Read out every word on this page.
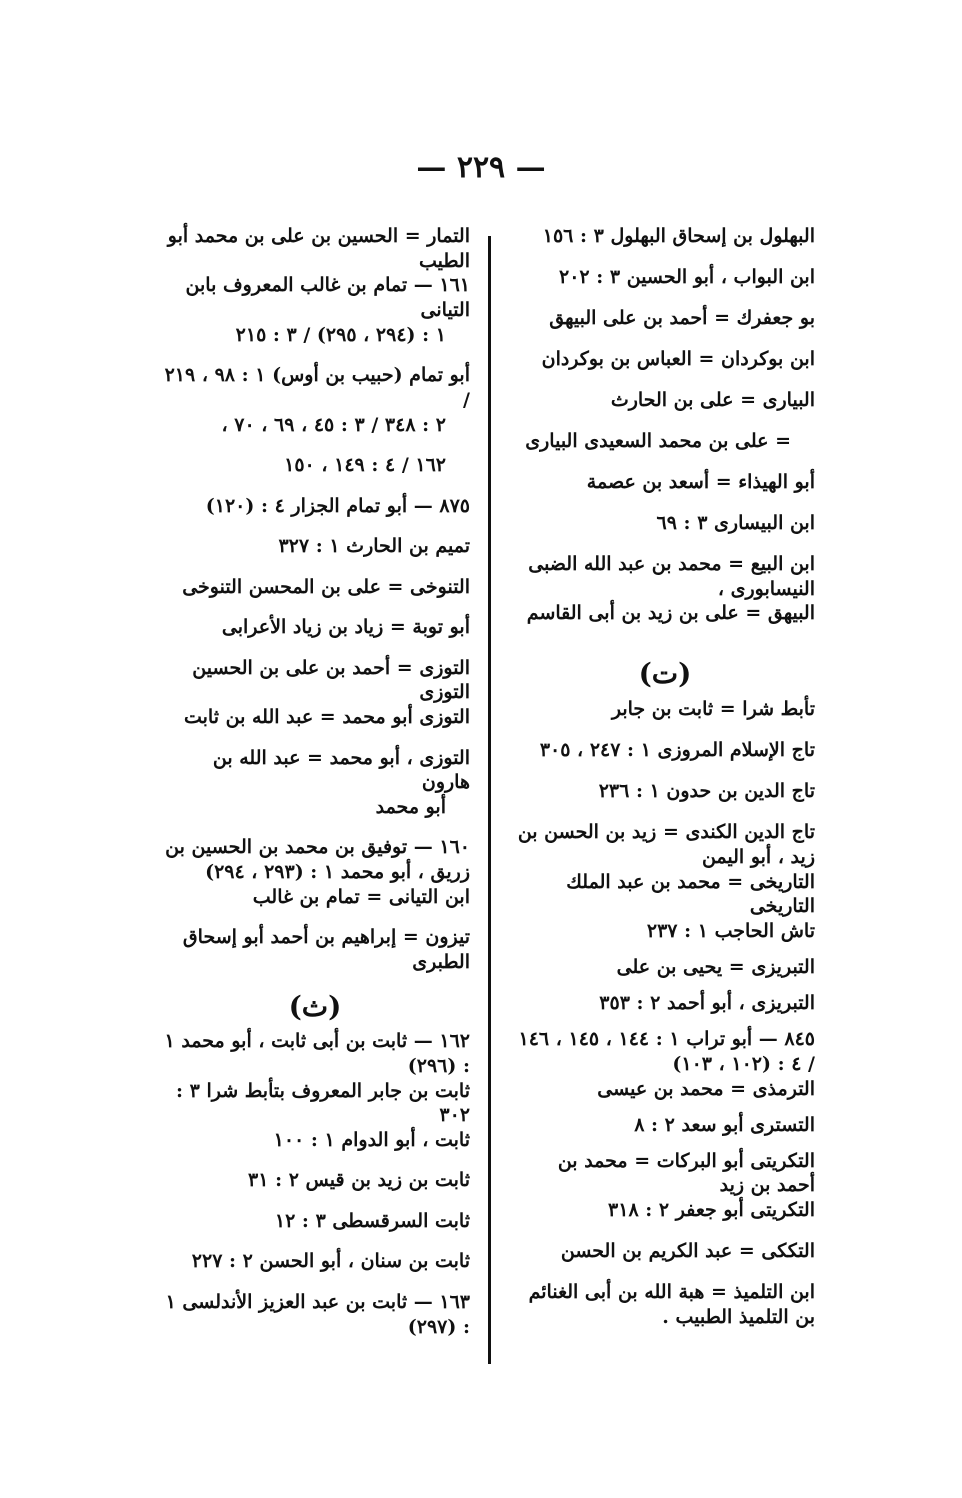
— ٢٢٩ —

البهلول بن إسحاق البهلول ٣ : ١٥٦

ابن البواب ، أبو الحسين ٣ : ٢٠٢

بو جعفرك = أحمد بن على البيهق

ابن بوكردان = العباس بن بوكردان

البيارى = على بن الحارث

= على بن محمد السعيدى البيارى

أبو الهيذاء = أسعد بن عصمة

ابن البيسارى ٣ : ٦٩

ابن البيع = محمد بن عبد الله الضبى النيسابورى ،

البيهق = على بن زيد بن أبى القاسم

(ت)

تأبط شرا = ثابت بن جابر

تاج الإسلام المروزى ١ : ٢٤٧ ، ٣٠٥

تاج الدين بن حدون ١ : ٢٣٦

تاج الدين الكندى = زيد بن الحسن بن زيد ، أبو اليمن

التاريخى = محمد بن عبد الملك التاريخى

تاش الحاجب ١ : ٢٣٧

التبريزى = يحيى بن على

التبريزى ، أبو أحمد ٢ : ٣٥٣

٨٤٥ — أبو تراب ١ : ١٤٤ ، ١٤٥ ، ١٤٦ / ٤ : (١٠٢ ، ١٠٣)

الترمذى = محمد بن عيسى

التسترى أبو سعد ٢ : ٨

التكريتى أبو البركات = محمد بن أحمد بن زيد

التكريتى أبو جعفر ٢ : ٣١٨

التككى = عبد الكريم بن الحسن

ابن التلميذ = هبة الله بن أبى الغنائم بن التلميذ الطبيب .

التمار = الحسين بن على بن محمد أبو الطيب

١٦١ — تمام بن غالب المعروف بابن التيانى

١ : (٢٩٤ ، ٢٩٥) / ٣ : ٢١٥

أبو تمام (حبيب بن أوس) ١ : ٩٨ ، ٢١٩ /

٢ : ٣٤٨ / ٣ : ٤٥ ، ٦٩ ، ٧٠ ،

١٦٢ / ٤ : ١٤٩ ، ١٥٠

٨٧٥ — أبو تمام الجزار ٤ : (١٢٠)

تميم بن الحارث ١ : ٣٢٧

التنوخى = على بن المحسن التنوخى

أبو توبة = زياد بن زياد الأعرابى

التوزى = أحمد بن على بن الحسين التوزى

التوزى أبو محمد = عبد الله بن ثابت

التوزى ، أبو محمد = عبد الله بن هارون

أبو محمد

١٦٠ — توفيق بن محمد بن الحسين بن زريق ، أبو محمد ١ : (٢٩٣ ، ٢٩٤)

ابن التيانى = تمام بن غالب

تيزون = إبراهيم بن أحمد أبو إسحاق الطبرى

(ث)

١٦٢ — ثابت بن أبى ثابت ، أبو محمد ١ : (٢٩٦)

ثابت بن جابر المعروف بتأبط شرا ٣ : ٣٠٢

ثابت ، أبو الدوام ١ : ١٠٠

ثابت بن زيد بن قيس ٢ : ٣١

ثابت السرقسطى ٣ : ١٢

ثابت بن سنان ، أبو الحسن ٢ : ٢٢٧

١٦٣ — ثابت بن عبد العزيز الأندلسى ١ : (٢٩٧)
